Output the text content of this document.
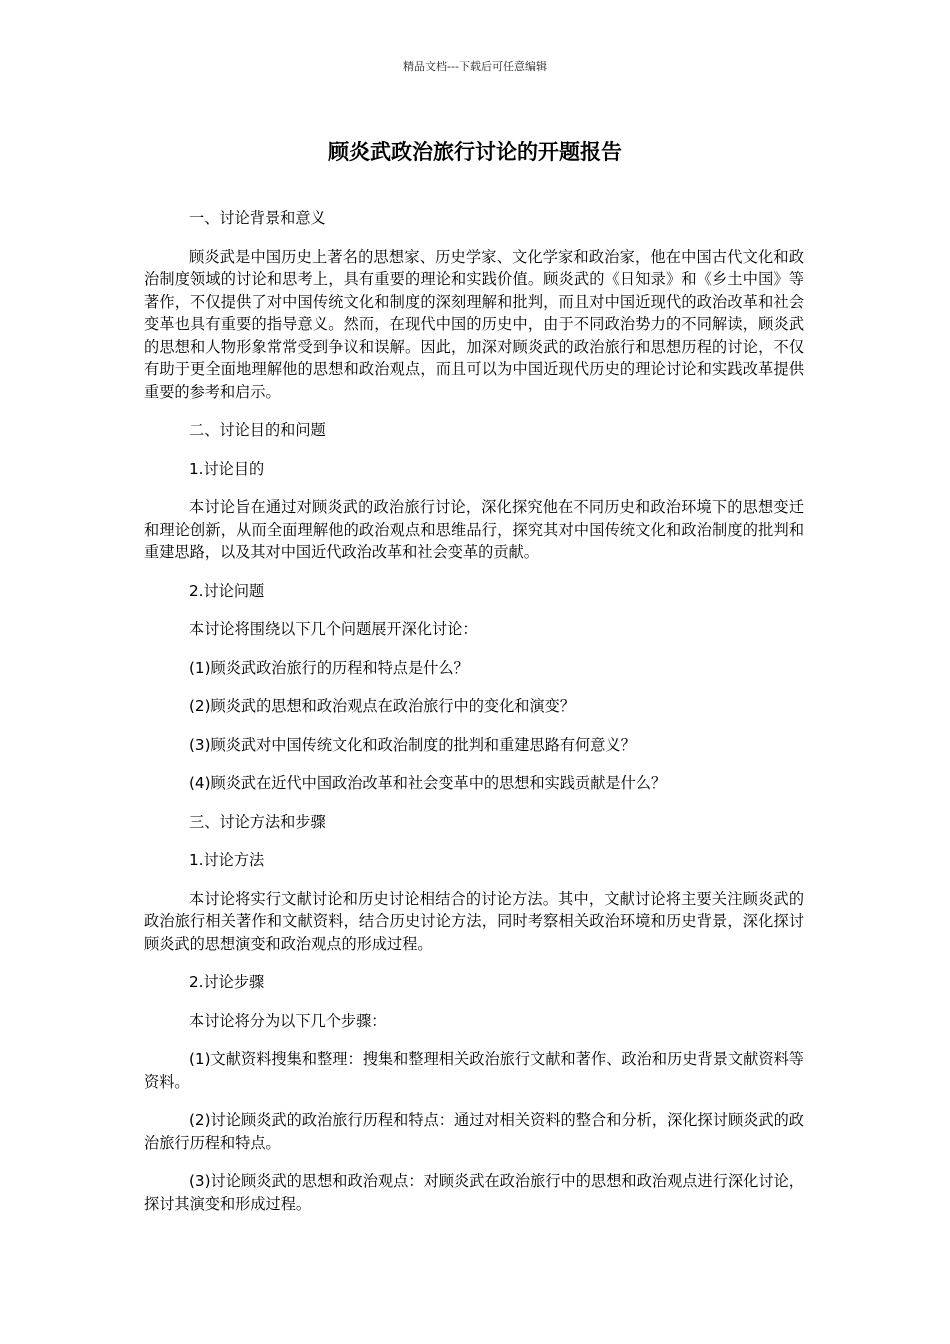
精品文档---下载后可任意编辑
顾炎武政治旅行讨论的开题报告

一、讨论背景和意义

顾炎武是中国历史上著名的思想家、历史学家、文化学家和政治家，他在中国古代文化和政治制度领域的讨论和思考上，具有重要的理论和实践价值。顾炎武的《日知录》和《乡土中国》等著作，不仅提供了对中国传统文化和制度的深刻理解和批判，而且对中国近现代的政治改革和社会变革也具有重要的指导意义。然而，在现代中国的历史中，由于不同政治势力的不同解读，顾炎武的思想和人物形象常常受到争议和误解。因此，加深对顾炎武的政治旅行和思想历程的讨论，不仅有助于更全面地理解他的思想和政治观点，而且可以为中国近现代历史的理论讨论和实践改革提供重要的参考和启示。

二、讨论目的和问题

1.讨论目的

本讨论旨在通过对顾炎武的政治旅行讨论，深化探究他在不同历史和政治环境下的思想变迁和理论创新，从而全面理解他的政治观点和思维品行，探究其对中国传统文化和政治制度的批判和重建思路，以及其对中国近代政治改革和社会变革的贡献。

2.讨论问题

本讨论将围绕以下几个问题展开深化讨论：

(1)顾炎武政治旅行的历程和特点是什么？

(2)顾炎武的思想和政治观点在政治旅行中的变化和演变？

(3)顾炎武对中国传统文化和政治制度的批判和重建思路有何意义？

(4)顾炎武在近代中国政治改革和社会变革中的思想和实践贡献是什么？

三、讨论方法和步骤

1.讨论方法

本讨论将实行文献讨论和历史讨论相结合的讨论方法。其中，文献讨论将主要关注顾炎武的政治旅行相关著作和文献资料，结合历史讨论方法，同时考察相关政治环境和历史背景，深化探讨顾炎武的思想演变和政治观点的形成过程。

2.讨论步骤

本讨论将分为以下几个步骤：

(1)文献资料搜集和整理：搜集和整理相关政治旅行文献和著作、政治和历史背景文献资料等资料。

(2)讨论顾炎武的政治旅行历程和特点：通过对相关资料的整合和分析，深化探讨顾炎武的政治旅行历程和特点。

(3)讨论顾炎武的思想和政治观点：对顾炎武在政治旅行中的思想和政治观点进行深化讨论，探讨其演变和形成过程。
